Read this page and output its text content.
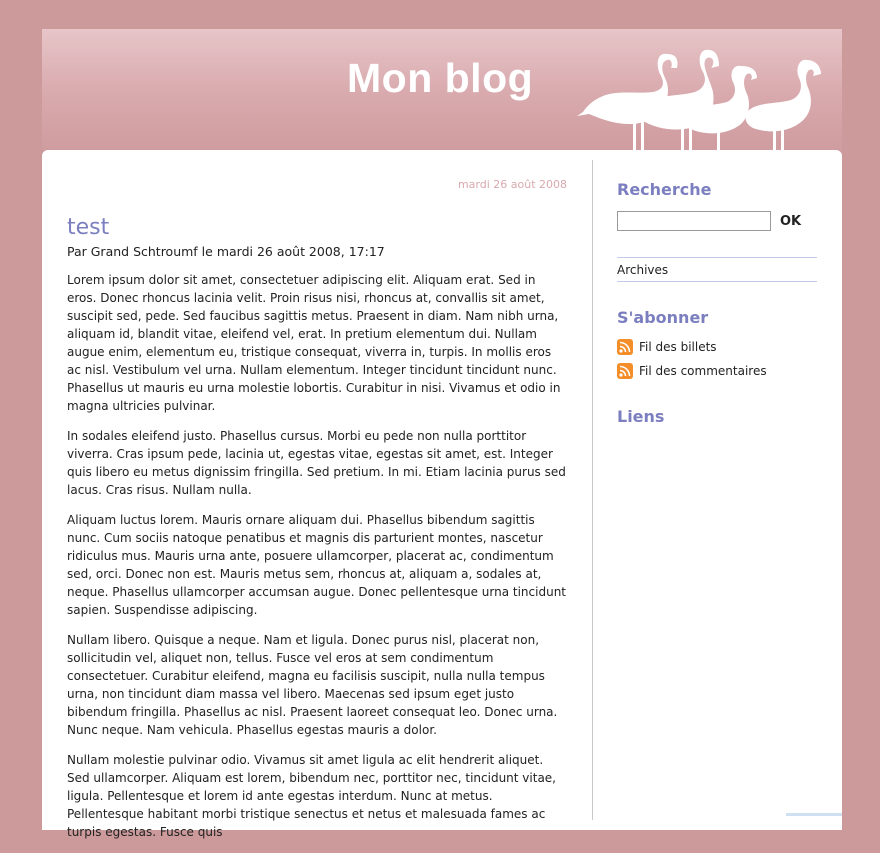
Mon blog
mardi 26 août 2008
test
Par Grand Schtroumf le mardi 26 août 2008, 17:17

Lorem ipsum dolor sit amet, consectetuer adipiscing elit. Aliquam erat. Sed in eros. Donec rhoncus lacinia velit. Proin risus nisi, rhoncus at, convallis sit amet, suscipit sed, pede. Sed faucibus sagittis metus. Praesent in diam. Nam nibh urna, aliquam id, blandit vitae, eleifend vel, erat. In pretium elementum dui. Nullam augue enim, elementum eu, tristique consequat, viverra in, turpis. In mollis eros ac nisl. Vestibulum vel urna. Nullam elementum. Integer tincidunt tincidunt nunc. Phasellus ut mauris eu urna molestie lobortis. Curabitur in nisi. Vivamus et odio in magna ultricies pulvinar.

In sodales eleifend justo. Phasellus cursus. Morbi eu pede non nulla porttitor viverra. Cras ipsum pede, lacinia ut, egestas vitae, egestas sit amet, est. Integer quis libero eu metus dignissim fringilla. Sed pretium. In mi. Etiam lacinia purus sed lacus. Cras risus. Nullam nulla.

Aliquam luctus lorem. Mauris ornare aliquam dui. Phasellus bibendum sagittis nunc. Cum sociis natoque penatibus et magnis dis parturient montes, nascetur ridiculus mus. Mauris urna ante, posuere ullamcorper, placerat ac, condimentum sed, orci. Donec non est. Mauris metus sem, rhoncus at, aliquam a, sodales at, neque. Phasellus ullamcorper accumsan augue. Donec pellentesque urna tincidunt sapien. Suspendisse adipiscing.

Nullam libero. Quisque a neque. Nam et ligula. Donec purus nisl, placerat non, sollicitudin vel, aliquet non, tellus. Fusce vel eros at sem condimentum consectetuer. Curabitur eleifend, magna eu facilisis suscipit, nulla nulla tempus urna, non tincidunt diam massa vel libero. Maecenas sed ipsum eget justo bibendum fringilla. Phasellus ac nisl. Praesent laoreet consequat leo. Donec urna. Nunc neque. Nam vehicula. Phasellus egestas mauris a dolor.

Nullam molestie pulvinar odio. Vivamus sit amet ligula ac elit hendrerit aliquet. Sed ullamcorper. Aliquam est lorem, bibendum nec, porttitor nec, tincidunt vitae, ligula. Pellentesque et lorem id ante egestas interdum. Nunc at metus. Pellentesque habitant morbi tristique senectus et netus et malesuada fames ac turpis egestas. Fusce quis

Recherche
OK
Archives
S'abonner
Fil des billets
Fil des commentaires
Liens
